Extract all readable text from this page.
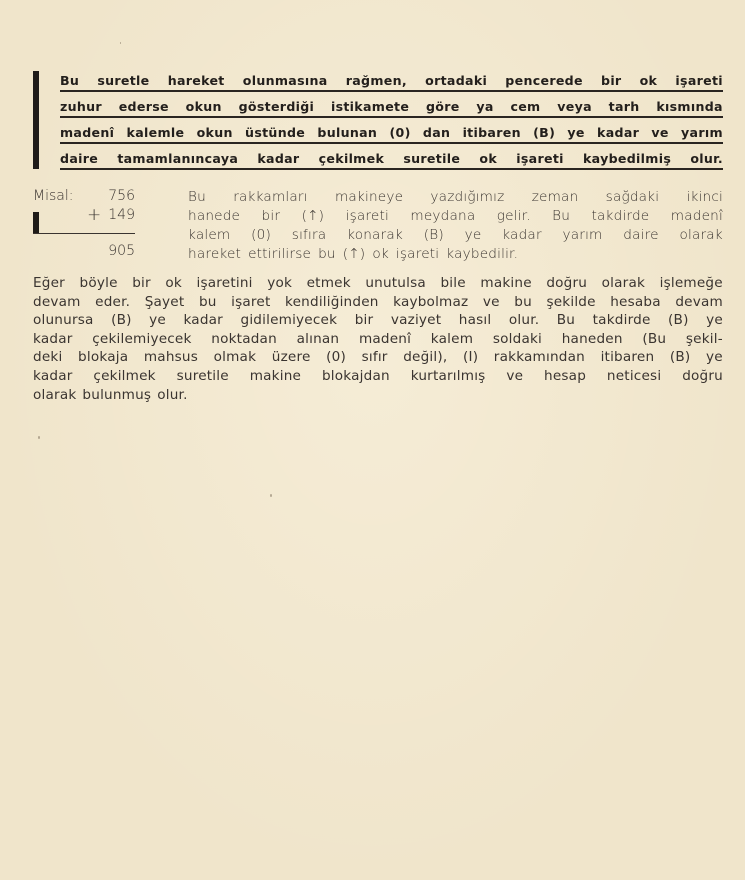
Bu suretle hareket olunmasına rağmen, ortadaki pencerede bir ok işareti
zuhur ederse okun gösterdiği istikamete göre ya cem veya tarh kısmında
madenî kalemle okun üstünde bulunan (0) dan itibaren (B) ye kadar ve yarım
daire tamamlanıncaya kadar çekilmek suretile ok işareti kaybedilmiş olur.
Misal: 756
+ 149
905
Bu rakkamları makineye yazdığımız zeman sağdaki ikinci
hanede bir (↑) işareti meydana gelir. Bu takdirde madenî
kalem (0) sıfıra konarak (B) ye kadar yarım daire olarak
hareket ettirilirse bu (↑) ok işareti kaybedilir.
Eğer böyle bir ok işaretini yok etmek unutulsa bile makine doğru olarak işlemeğe
devam eder. Şayet bu işaret kendiliğinden kaybolmaz ve bu şekilde hesaba devam
olunursa (B) ye kadar gidilemiyecek bir vaziyet hasıl olur. Bu takdirde (B) ye
kadar çekilemiyecek noktadan alınan madenî kalem soldaki haneden (Bu şekil-
deki blokaja mahsus olmak üzere (0) sıfır değil), (I) rakkamından itibaren (B) ye
kadar çekilmek suretile makine blokajdan kurtarılmış ve hesap neticesi doğru
olarak bulunmuş olur.
